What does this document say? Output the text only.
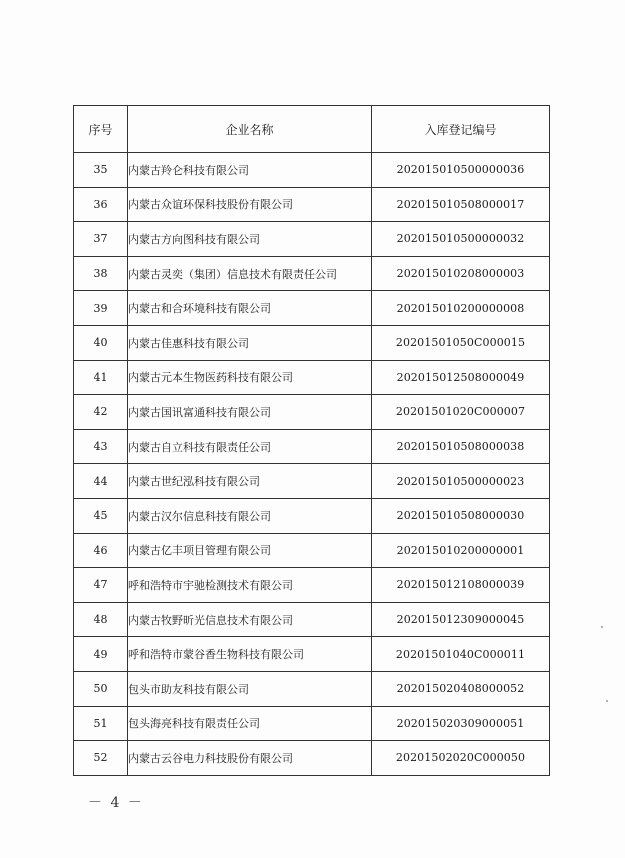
序号	企业名称	入库登记编号
35	内蒙古羚仑科技有限公司	202015010500000036
36	内蒙古众谊环保科技股份有限公司	202015010508000017
37	内蒙古方向图科技有限公司	202015010500000032
38	内蒙古灵奕（集团）信息技术有限责任公司	202015010208000003
39	内蒙古和合环境科技有限公司	202015010200000008
40	内蒙古佳惠科技有限公司	20201501050C000015
41	内蒙古元本生物医药科技有限公司	202015012508000049
42	内蒙古国讯富通科技有限公司	20201501020C000007
43	内蒙古自立科技有限责任公司	202015010508000038
44	内蒙古世纪泓科技有限公司	202015010500000023
45	内蒙古汉尔信息科技有限公司	202015010508000030
46	内蒙古亿丰项目管理有限公司	202015010200000001
47	呼和浩特市宇驰检测技术有限公司	202015012108000039
48	内蒙古牧野昕光信息技术有限公司	202015012309000045
49	呼和浩特市蒙谷香生物科技有限公司	20201501040C000011
50	包头市助友科技有限公司	202015020408000052
51	包头海亮科技有限责任公司	202015020309000051
52	内蒙古云谷电力科技股份有限公司	20201502020C000050
－ 4 －
